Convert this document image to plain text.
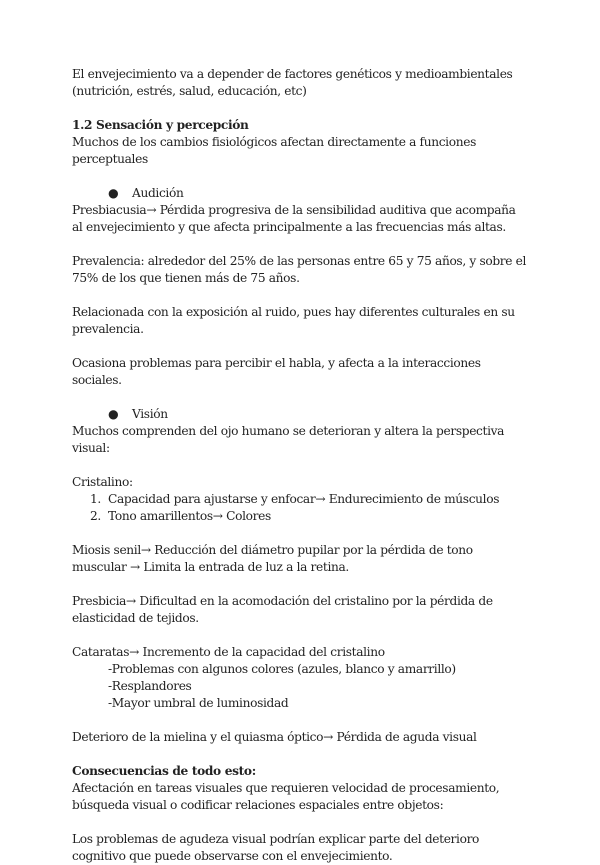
El envejecimiento va a depender de factores genéticos y medioambientales (nutrición, estrés, salud, educación, etc)

1.2 Sensación y percepción

Muchos de los cambios fisiológicos afectan directamente a funciones perceptuales

●	Audición

Presbiacusia→ Pérdida progresiva de la sensibilidad auditiva que acompaña al envejecimiento y que afecta principalmente a las frecuencias más altas.

Prevalencia: alrededor del 25% de las personas entre 65 y 75 años, y sobre el 75% de los que tienen más de 75 años.

Relacionada con la exposición al ruido, pues hay diferentes culturales en su prevalencia.

Ocasiona problemas para percibir el habla, y afecta a la interacciones sociales.

●	Visión

Muchos comprenden del ojo humano se deterioran y altera la perspectiva visual:

Cristalino:

1. Capacidad para ajustarse y enfocar→ Endurecimiento de músculos
2. Tono amarillentos→ Colores

Miosis senil→ Reducción del diámetro pupilar por la pérdida de tono muscular → Limita la entrada de luz a la retina.

Presbicia→ Dificultad en la acomodación del cristalino por la pérdida de elasticidad de tejidos.

Cataratas→ Incremento de la capacidad del cristalino

-Problemas con algunos colores (azules, blanco y amarrillo)

-Resplandores

-Mayor umbral de luminosidad

Deterioro de la mielina y el quiasma óptico→ Pérdida de aguda visual

Consecuencias de todo esto:

Afectación en tareas visuales que requieren velocidad de procesamiento, búsqueda visual o codificar relaciones espaciales entre objetos:

Los problemas de agudeza visual podrían explicar parte del deterioro cognitivo que puede observarse con el envejecimiento.
